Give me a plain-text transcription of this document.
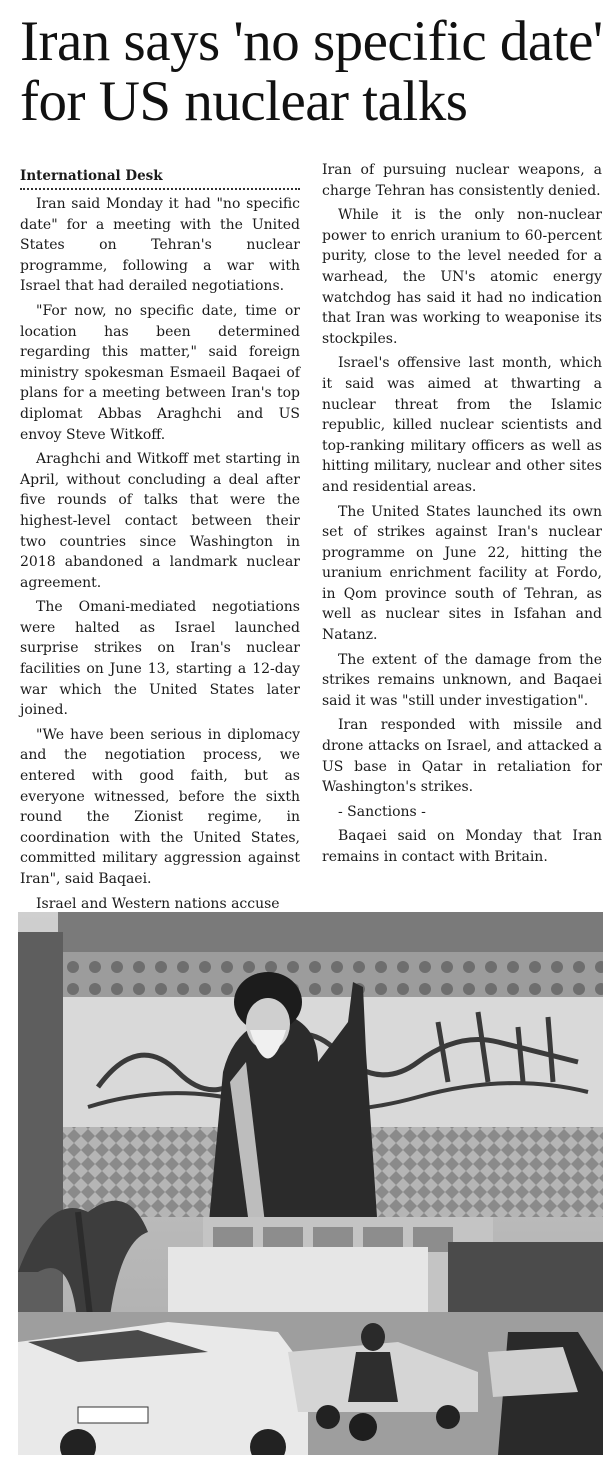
Iran says 'no specific date' for US nuclear talks
International Desk

Iran said Monday it had "no specific date" for a meeting with the United States on Tehran's nuclear programme, following a war with Israel that had derailed negotiations.

"For now, no specific date, time or location has been determined regarding this matter," said foreign ministry spokesman Esmaeil Baqaei of plans for a meeting between Iran's top diplomat Abbas Araghchi and US envoy Steve Witkoff.

Araghchi and Witkoff met starting in April, without concluding a deal after five rounds of talks that were the highest-level contact between their two countries since Washington in 2018 abandoned a landmark nuclear agreement.

The Omani-mediated negotiations were halted as Israel launched surprise strikes on Iran's nuclear facilities on June 13, starting a 12-day war which the United States later joined.

"We have been serious in diplomacy and the negotiation process, we entered with good faith, but as everyone witnessed, before the sixth round the Zionist regime, in coordination with the United States, committed military aggression against Iran", said Baqaei.

Israel and Western nations accuse

Iran of pursuing nuclear weapons, a charge Tehran has consistently denied.

While it is the only non-nuclear power to enrich uranium to 60-percent purity, close to the level needed for a warhead, the UN's atomic energy watchdog has said it had no indication that Iran was working to weaponise its stockpiles.

Israel's offensive last month, which it said was aimed at thwarting a nuclear threat from the Islamic republic, killed nuclear scientists and top-ranking military officers as well as hitting military, nuclear and other sites and residential areas.

The United States launched its own set of strikes against Iran's nuclear programme on June 22, hitting the uranium enrichment facility at Fordo, in Qom province south of Tehran, as well as nuclear sites in Isfahan and Natanz.

The extent of the damage from the strikes remains unknown, and Baqaei said it was "still under investigation".

Iran responded with missile and drone attacks on Israel, and attacked a US base in Qatar in retaliation for Washington's strikes.

- Sanctions -

Baqaei said on Monday that Iran remains in contact with Britain.
